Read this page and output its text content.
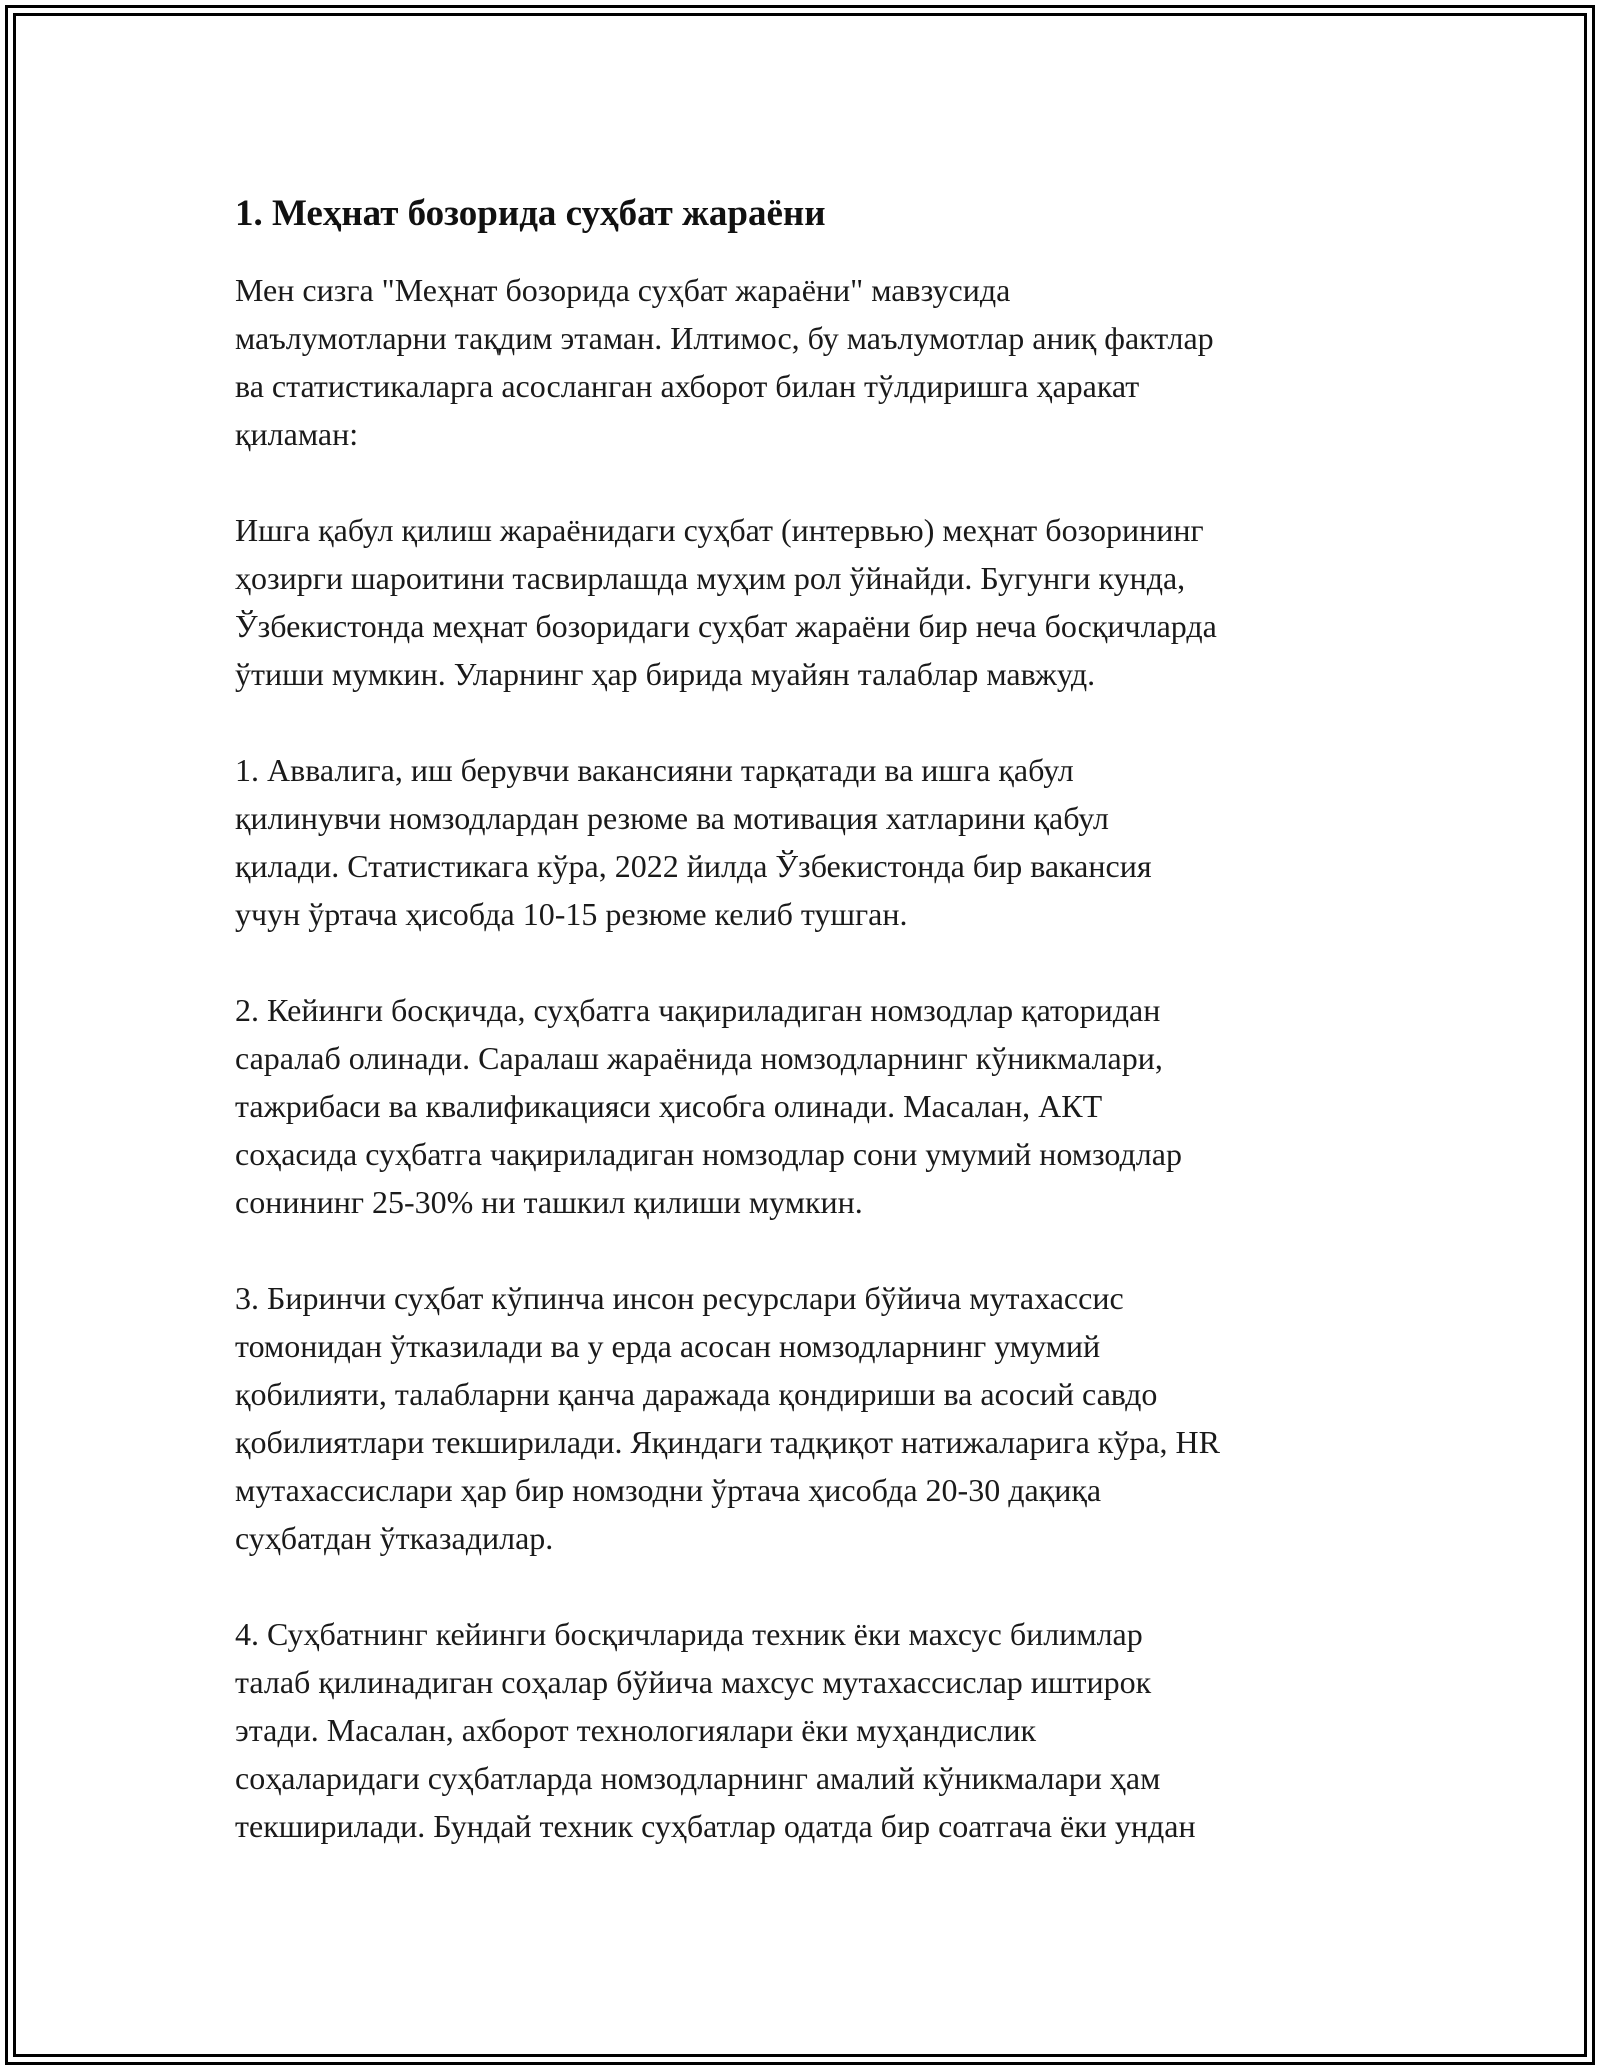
1. Меҳнат бозорида суҳбат жараёни

Мен сизга "Меҳнат бозорида суҳбат жараёни" мавзусида
маълумотларни тақдим этаман. Илтимос, бу маълумотлар аниқ фактлар
ва статистикаларга асосланган ахборот билан тўлдиришга ҳаракат
қиламан:

Ишга қабул қилиш жараёнидаги суҳбат (интервью) меҳнат бозорининг
ҳозирги шароитини тасвирлашда муҳим рол ўйнайди. Бугунги кунда,
Ўзбекистонда меҳнат бозоридаги суҳбат жараёни бир неча босқичларда
ўтиши мумкин. Уларнинг ҳар бирида муайян талаблар мавжуд.

1. Аввалига, иш берувчи вакансияни тарқатади ва ишга қабул
қилинувчи номзодлардан резюме ва мотивация хатларини қабул
қилади. Статистикага кўра, 2022 йилда Ўзбекистонда бир вакансия
учун ўртача ҳисобда 10-15 резюме келиб тушган.

2. Кейинги босқичда, суҳбатга чақириладиган номзодлар қаторидан
саралаб олинади. Саралаш жараёнида номзодларнинг кўникмалари,
тажрибаси ва квалификацияси ҳисобга олинади. Масалан, АКТ
соҳасида суҳбатга чақириладиган номзодлар сони умумий номзодлар
сонининг 25-30% ни ташкил қилиши мумкин.

3. Биринчи суҳбат кўпинча инсон ресурслари бўйича мутахассис
томонидан ўтказилади ва у ерда асосан номзодларнинг умумий
қобилияти, талабларни қанча даражада қондириши ва асосий савдо
қобилиятлари текширилади. Яқиндаги тадқиқот натижаларига кўра, HR
мутахассислари ҳар бир номзодни ўртача ҳисобда 20-30 дақиқа
суҳбатдан ўтказадилар.

4. Суҳбатнинг кейинги босқичларида техник ёки махсус билимлар
талаб қилинадиган соҳалар бўйича махсус мутахассислар иштирок
этади. Масалан, ахборот технологиялари ёки муҳандислик
соҳаларидаги суҳбатларда номзодларнинг амалий кўникмалари ҳам
текширилади. Бундай техник суҳбатлар одатда бир соатгача ёки ундан
